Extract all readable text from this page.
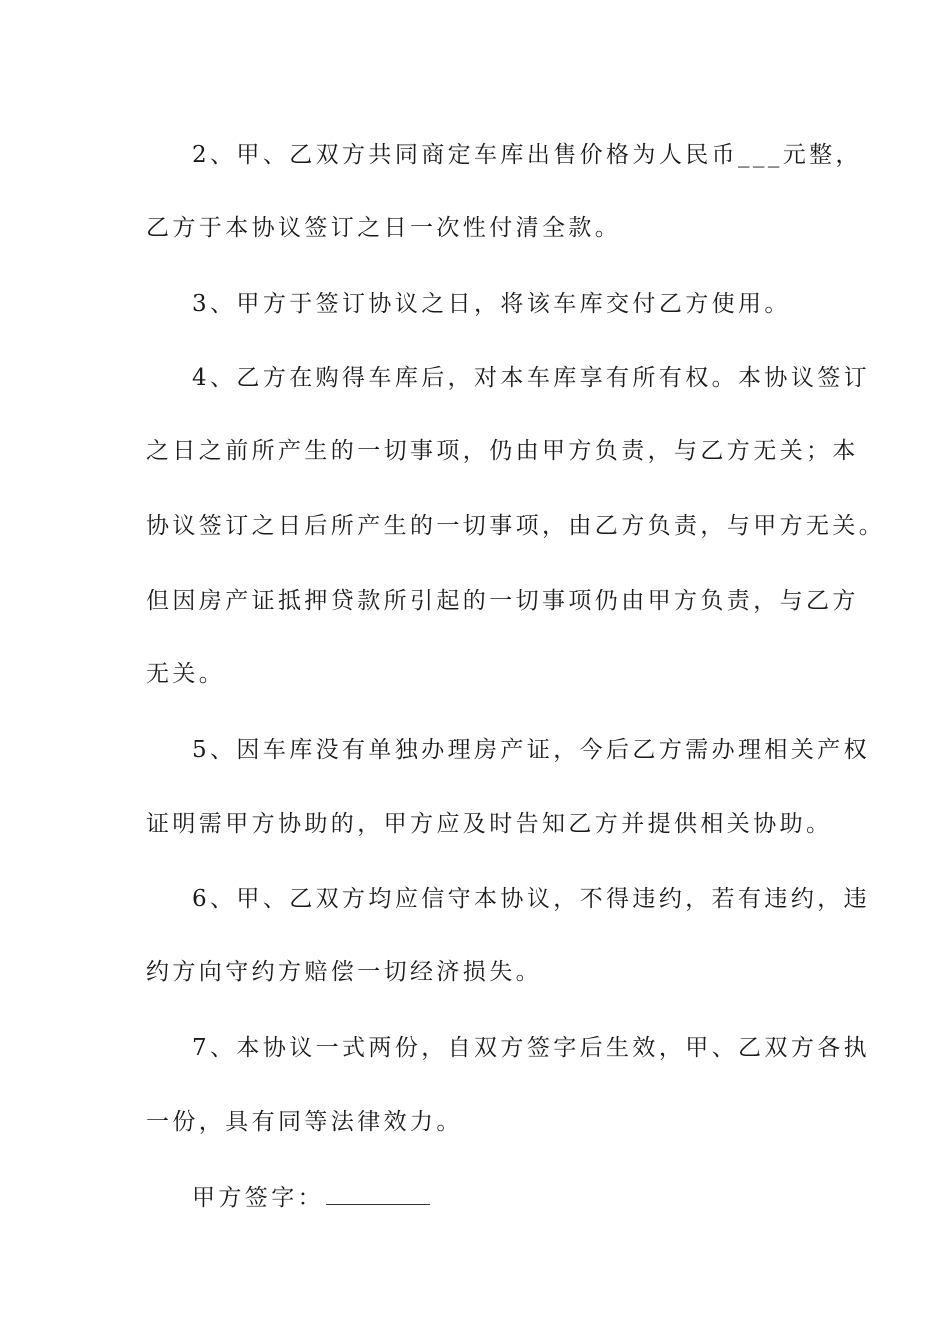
2、甲、乙双方共同商定车库出售价格为人民币___元整，
乙方于本协议签订之日一次性付清全款。
3、甲方于签订协议之日，将该车库交付乙方使用。
4、乙方在购得车库后，对本车库享有所有权。本协议签订
之日之前所产生的一切事项，仍由甲方负责，与乙方无关；本
协议签订之日后所产生的一切事项，由乙方负责，与甲方无关。
但因房产证抵押贷款所引起的一切事项仍由甲方负责，与乙方
无关。
5、因车库没有单独办理房产证，今后乙方需办理相关产权
证明需甲方协助的，甲方应及时告知乙方并提供相关协助。
6、甲、乙双方均应信守本协议，不得违约，若有违约，违
约方向守约方赔偿一切经济损失。
7、本协议一式两份，自双方签字后生效，甲、乙双方各执
一份，具有同等法律效力。
甲方签字：
